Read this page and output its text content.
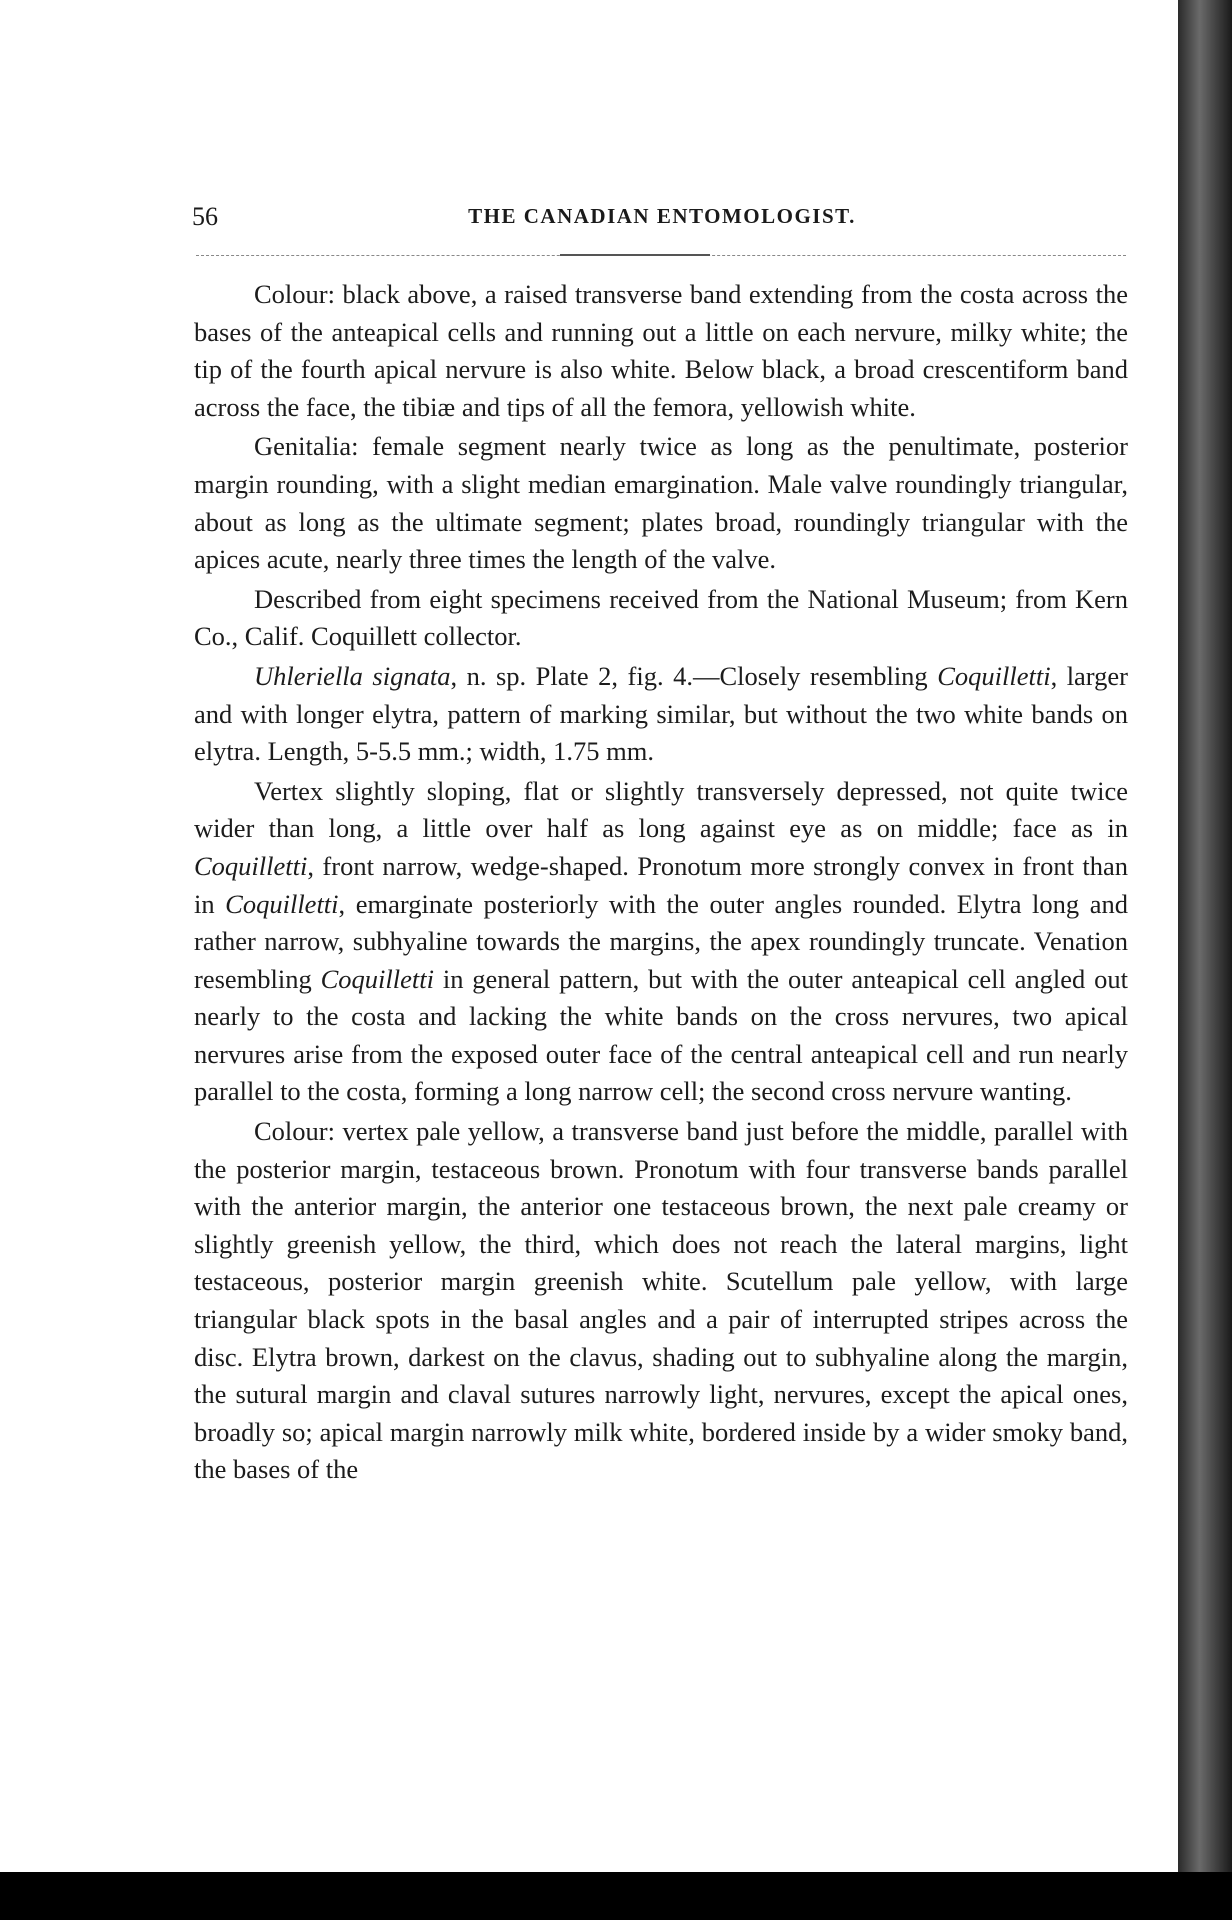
56	THE CANADIAN ENTOMOLOGIST.

Colour: black above, a raised transverse band extending from the costa across the bases of the anteapical cells and running out a little on each nervure, milky white; the tip of the fourth apical nervure is also white. Below black, a broad crescentiform band across the face, the tibiæ and tips of all the femora, yellowish white.

Genitalia: female segment nearly twice as long as the penultimate, posterior margin rounding, with a slight median emargination. Male valve roundingly triangular, about as long as the ultimate segment; plates broad, roundingly triangular with the apices acute, nearly three times the length of the valve.

Described from eight specimens received from the National Museum; from Kern Co., Calif. Coquillett collector.

Uhleriella signata, n. sp. Plate 2, fig. 4.—Closely resembling Coquilletti, larger and with longer elytra, pattern of marking similar, but without the two white bands on elytra. Length, 5-5.5 mm.; width, 1.75 mm.

Vertex slightly sloping, flat or slightly transversely depressed, not quite twice wider than long, a little over half as long against eye as on middle; face as in Coquilletti, front narrow, wedge-shaped. Pronotum more strongly convex in front than in Coquilletti, emarginate posteriorly with the outer angles rounded. Elytra long and rather narrow, subhyaline towards the margins, the apex roundingly truncate. Venation resembling Coquilletti in general pattern, but with the outer anteapical cell angled out nearly to the costa and lacking the white bands on the cross nervures, two apical nervures arise from the exposed outer face of the central anteapical cell and run nearly parallel to the costa, forming a long narrow cell; the second cross nervure wanting.

Colour: vertex pale yellow, a transverse band just before the middle, parallel with the posterior margin, testaceous brown. Pronotum with four transverse bands parallel with the anterior margin, the anterior one testaceous brown, the next pale creamy or slightly greenish yellow, the third, which does not reach the lateral margins, light testaceous, posterior margin greenish white. Scutellum pale yellow, with large triangular black spots in the basal angles and a pair of interrupted stripes across the disc. Elytra brown, darkest on the clavus, shading out to subhyaline along the margin, the sutural margin and claval sutures narrowly light, nervures, except the apical ones, broadly so; apical margin narrowly milk white, bordered inside by a wider smoky band, the bases of the
